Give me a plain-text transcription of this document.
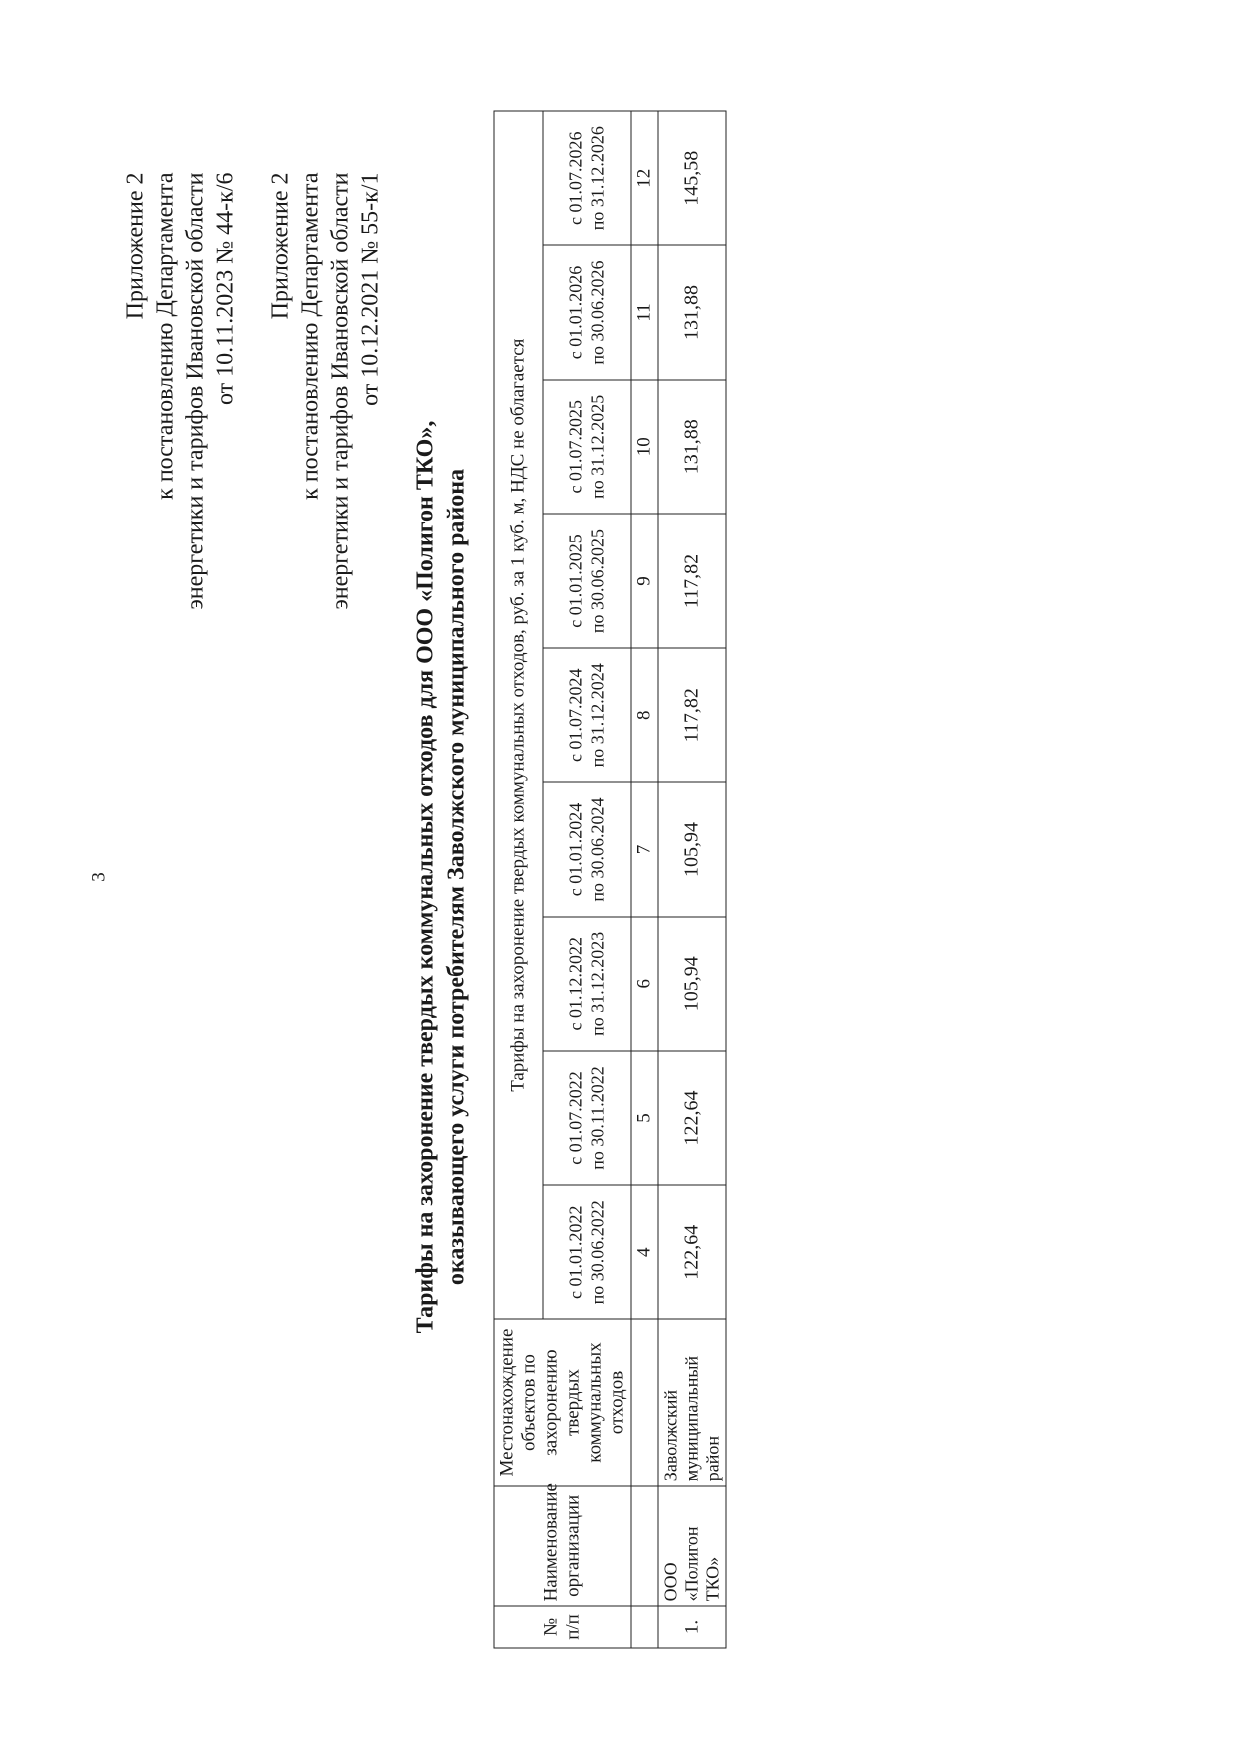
3
Приложение 2 к постановлению Департамента энергетики и тарифов Ивановской области от 10.11.2023 № 44-к/6 Приложение 2 к постановлению Департамента энергетики и тарифов Ивановской области от 10.12.2021 № 55-к/1
Тарифы на захоронение твердых коммунальных отходов для ООО «Полигон ТКО», оказывающего услуги потребителям Заволжского муниципального района
№ п/п	Наименование организации	Местонахождение объектов по захоронению твердых коммунальных отходов	Тарифы на захоронение твердых коммунальных отходов, руб. за 1 куб. м, НДС не облагается								
			с 01.01.2022 по 30.06.2022	с 01.07.2022 по 30.11.2022	с 01.12.2022 по 31.12.2023	с 01.01.2024 по 30.06.2024	с 01.07.2024 по 31.12.2024	с 01.01.2025 по 30.06.2025	с 01.07.2025 по 31.12.2025	с 01.01.2026 по 30.06.2026	с 01.07.2026 по 31.12.2026
			4	5	6	7	8	9	10	11	12
1.	ООО «Полигон ТКО»	Заволжский муниципальный район	122,64	122,64	105,94	105,94	117,82	117,82	131,88	131,88	145,58
